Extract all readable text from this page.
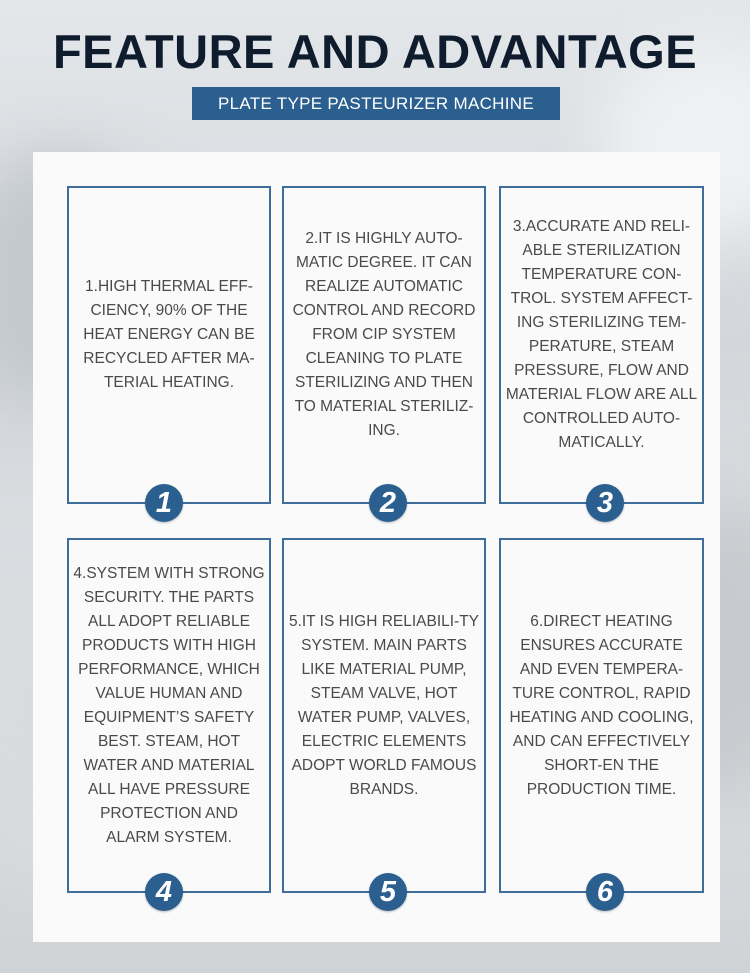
FEATURE AND ADVANTAGE
PLATE TYPE PASTEURIZER MACHINE
1.HIGH THERMAL EFF-CIENCY, 90% OF THE HEAT ENERGY CAN BE RECYCLED AFTER MA-TERIAL HEATING.
2.IT IS HIGHLY AUTO-MATIC DEGREE. IT CAN REALIZE AUTOMATIC CONTROL AND RECORD FROM CIP SYSTEM CLEANING TO PLATE STERILIZING AND THEN TO MATERIAL STERILIZ-ING.
3.ACCURATE AND RELI-ABLE STERILIZATION TEMPERATURE CON-TROL. SYSTEM AFFECT-ING STERILIZING TEM-PERATURE, STEAM PRESSURE, FLOW AND MATERIAL FLOW ARE ALL CONTROLLED AUTO-MATICALLY.
4.SYSTEM WITH STRONG SECURITY. THE PARTS ALL ADOPT RELIABLE PRODUCTS WITH HIGH PERFORMANCE, WHICH VALUE HUMAN AND EQUIPMENT’S SAFETY BEST. STEAM, HOT WATER AND MATERIAL ALL HAVE PRESSURE PROTECTION AND ALARM SYSTEM.
5.IT IS HIGH RELIABILI-TY SYSTEM. MAIN PARTS LIKE MATERIAL PUMP, STEAM VALVE, HOT WATER PUMP, VALVES, ELECTRIC ELEMENTS ADOPT WORLD FAMOUS BRANDS.
6.DIRECT HEATING ENSURES ACCURATE AND EVEN TEMPERA-TURE CONTROL, RAPID HEATING AND COOLING, AND CAN EFFECTIVELY SHORT-EN THE PRODUCTION TIME.
1	2	3
4	5	6
